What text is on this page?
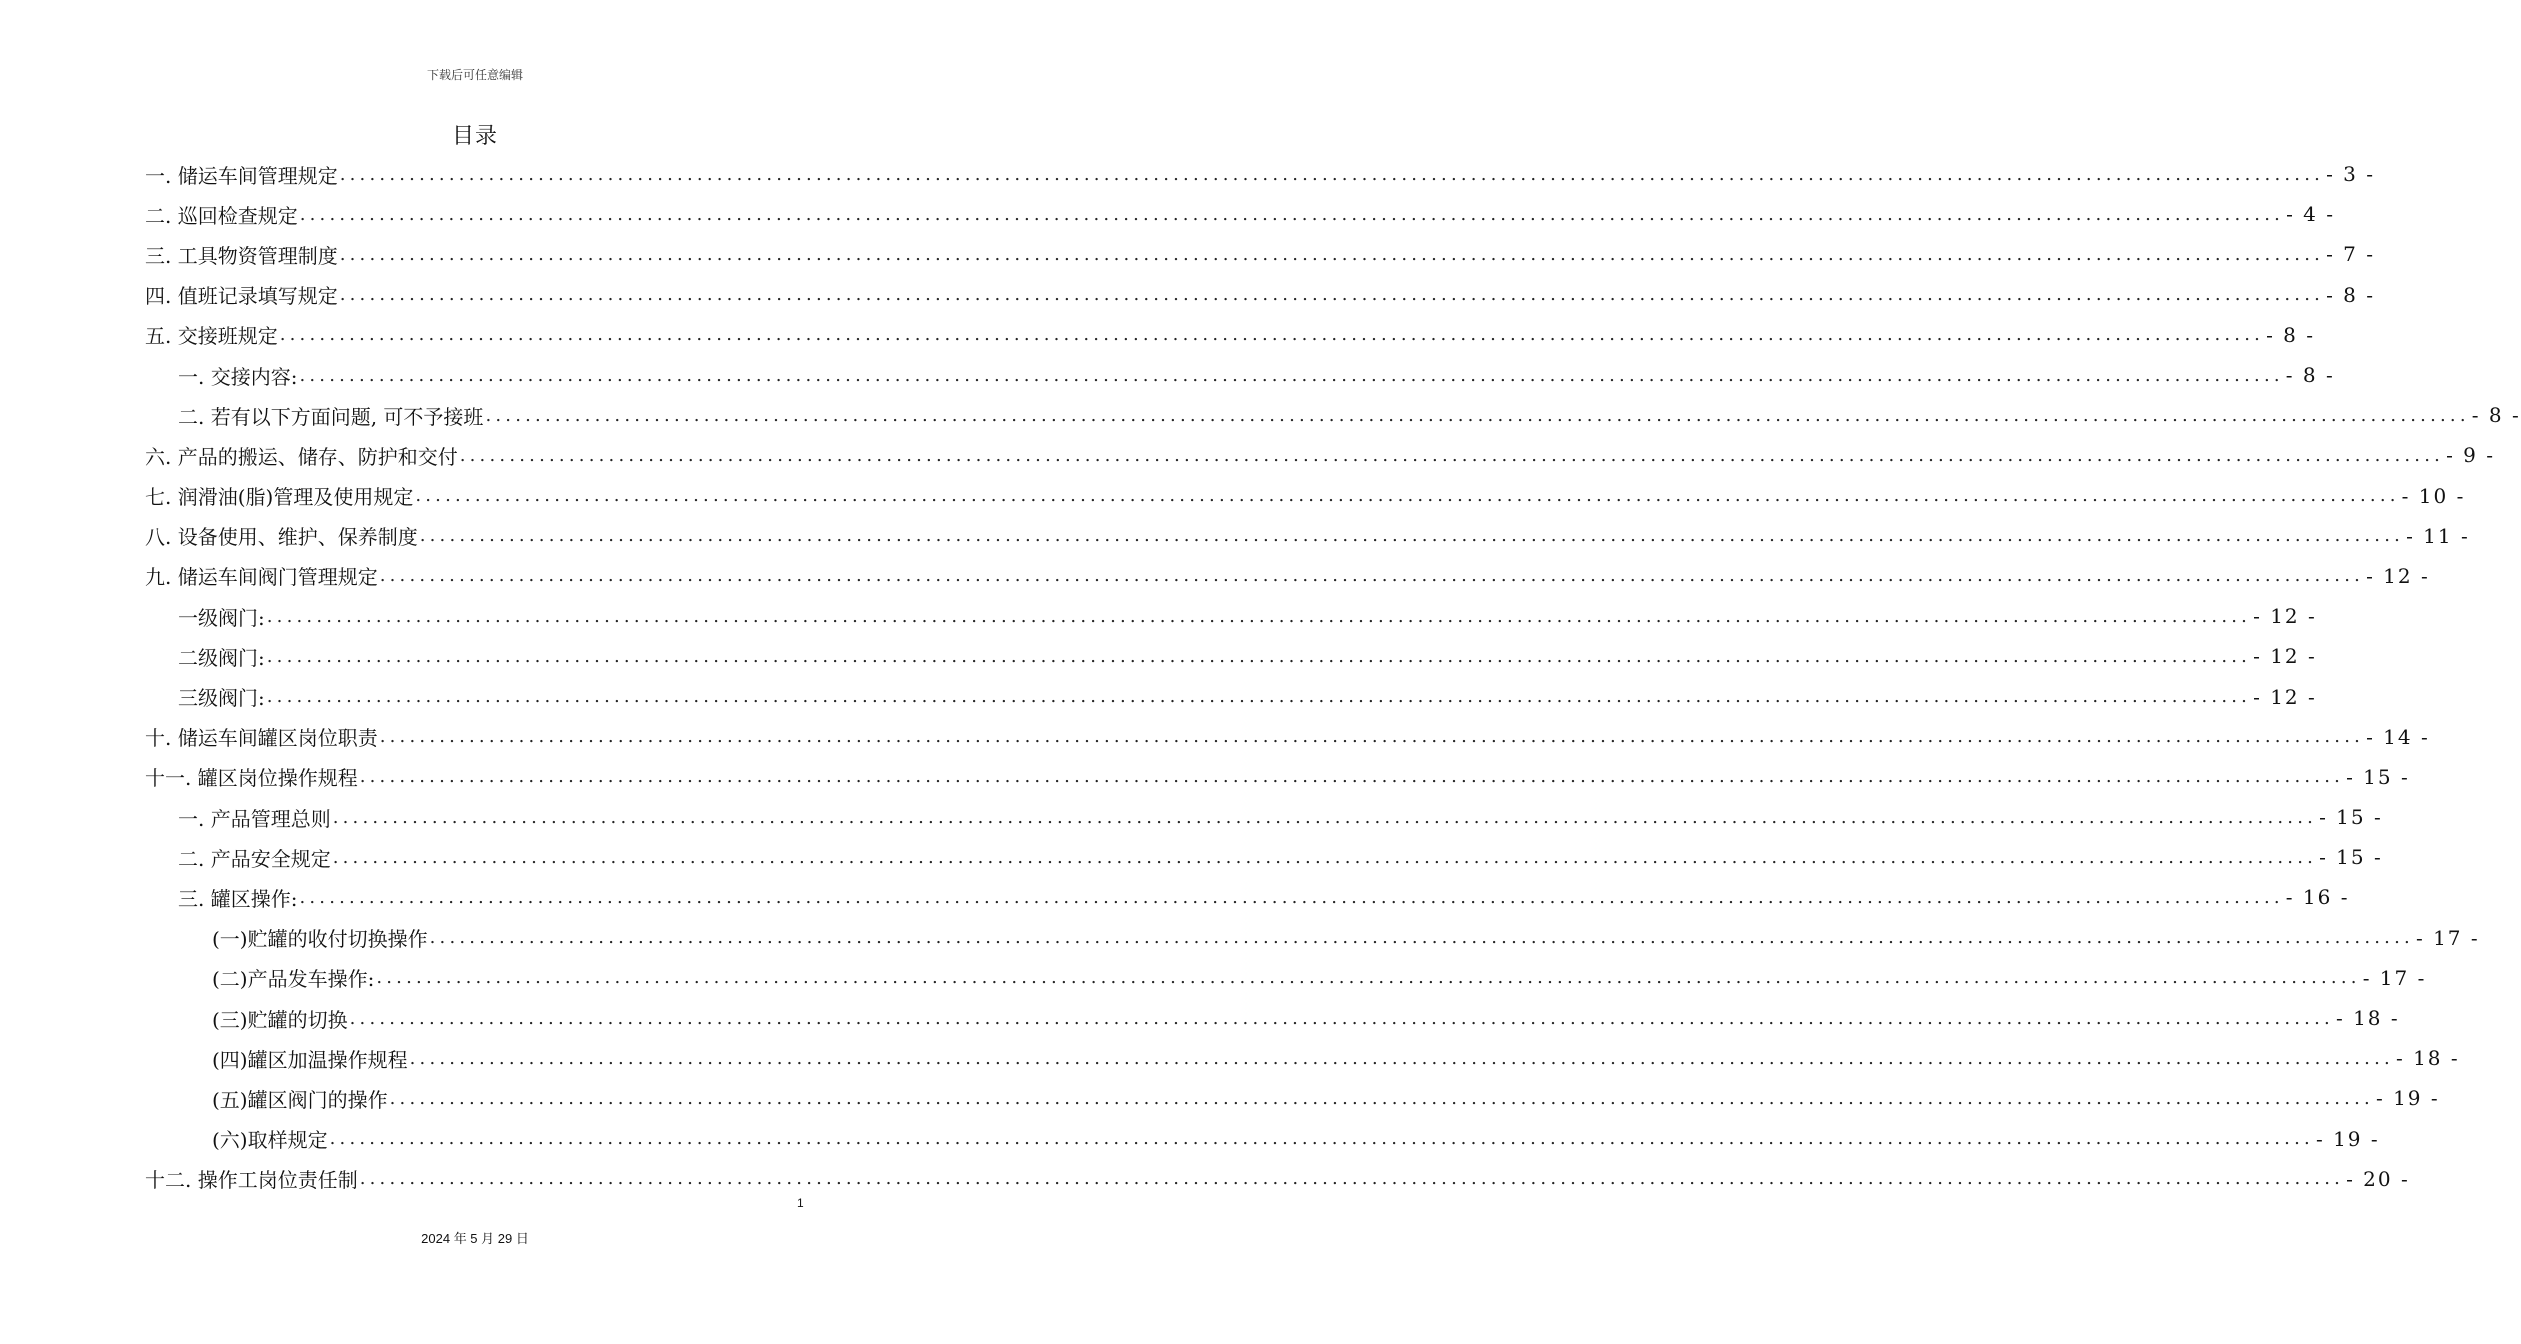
下载后可任意编辑
目录
一. 储运车间管理规定 ........................................................................................................................................................................................................ - 3 -
二. 巡回检查规定 ........................................................................................................................................................................................................ - 4 -
三. 工具物资管理制度 ........................................................................................................................................................................................................ - 7 -
四. 值班记录填写规定 ........................................................................................................................................................................................................ - 8 -
五. 交接班规定 ........................................................................................................................................................................................................ - 8 -
一. 交接内容: ........................................................................................................................................................................................................ - 8 -
二. 若有以下方面问题, 可不予接班 ........................................................................................................................................................................................................ - 8 -
六. 产品的搬运、储存、防护和交付 ........................................................................................................................................................................................................ - 9 -
七. 润滑油(脂)管理及使用规定 ........................................................................................................................................................................................................ - 10 -
八. 设备使用、维护、保养制度 ........................................................................................................................................................................................................ - 11 -
九. 储运车间阀门管理规定 ........................................................................................................................................................................................................ - 12 -
一级阀门: ........................................................................................................................................................................................................ - 12 -
二级阀门: ........................................................................................................................................................................................................ - 12 -
三级阀门: ........................................................................................................................................................................................................ - 12 -
十. 储运车间罐区岗位职责 ........................................................................................................................................................................................................ - 14 -
十一. 罐区岗位操作规程 ........................................................................................................................................................................................................ - 15 -
一. 产品管理总则 ........................................................................................................................................................................................................ - 15 -
二. 产品安全规定 ........................................................................................................................................................................................................ - 15 -
三. 罐区操作: ........................................................................................................................................................................................................ - 16 -
(一)贮罐的收付切换操作 ........................................................................................................................................................................................................ - 17 -
(二)产品发车操作: ........................................................................................................................................................................................................ - 17 -
(三)贮罐的切换 ........................................................................................................................................................................................................ - 18 -
(四)罐区加温操作规程 ........................................................................................................................................................................................................ - 18 -
(五)罐区阀门的操作 ........................................................................................................................................................................................................ - 19 -
(六)取样规定 ........................................................................................................................................................................................................ - 19 -
十二. 操作工岗位责任制 ........................................................................................................................................................................................................ - 20 -
1
2024 年 5 月 29 日
